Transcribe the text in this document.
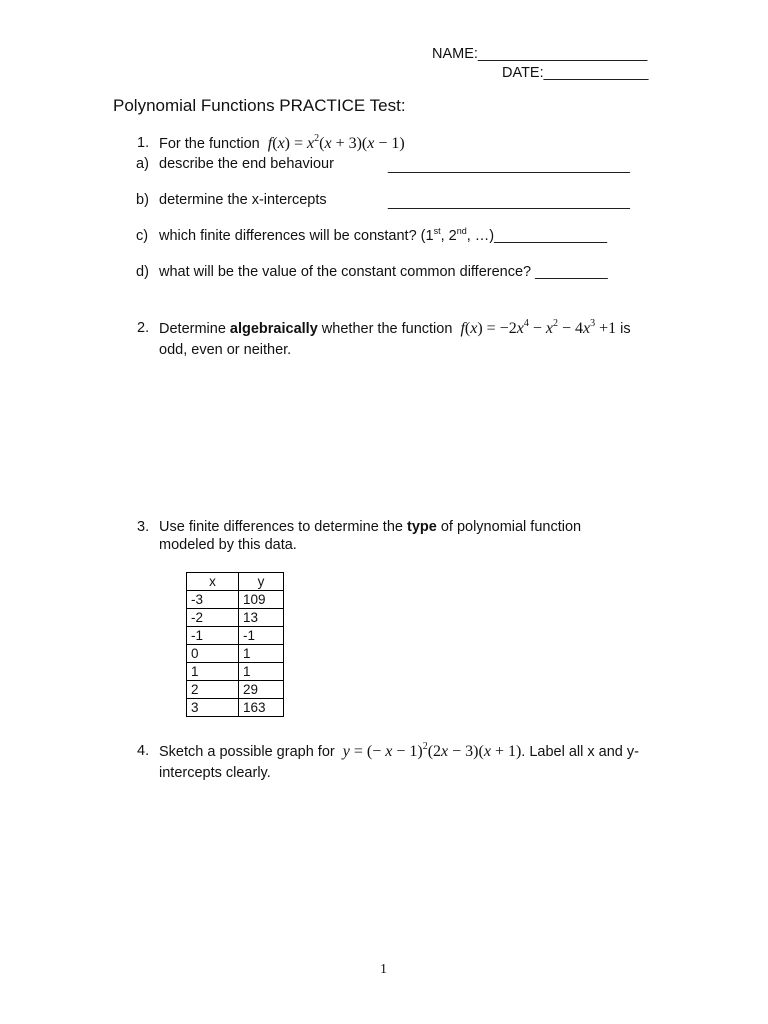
NAME:_____________________
DATE:_____________
Polynomial Functions PRACTICE Test:
1. For the function $f(x) = x^2(x + 3)(x - 1)$
a) describe the end behaviour	______________________________
b) determine the x-intercepts	______________________________
c) which finite differences will be constant? (1st, 2nd, …)______________
d) what will be the value of the constant common difference? _________
2. Determine algebraically whether the function $f(x) = -2x^4 - x^2 - 4x^3 +1$ is
odd, even or neither.
3. Use finite differences to determine the type of polynomial function
modeled by this data.
x	y
-3	109
-2	13
-1	-1
0	1
1	1
2	29
3	163
4. Sketch a possible graph for y = (− x − 1)$^2$(2x − 3)(x + 1). Label all x and y-
intercepts clearly.
1
